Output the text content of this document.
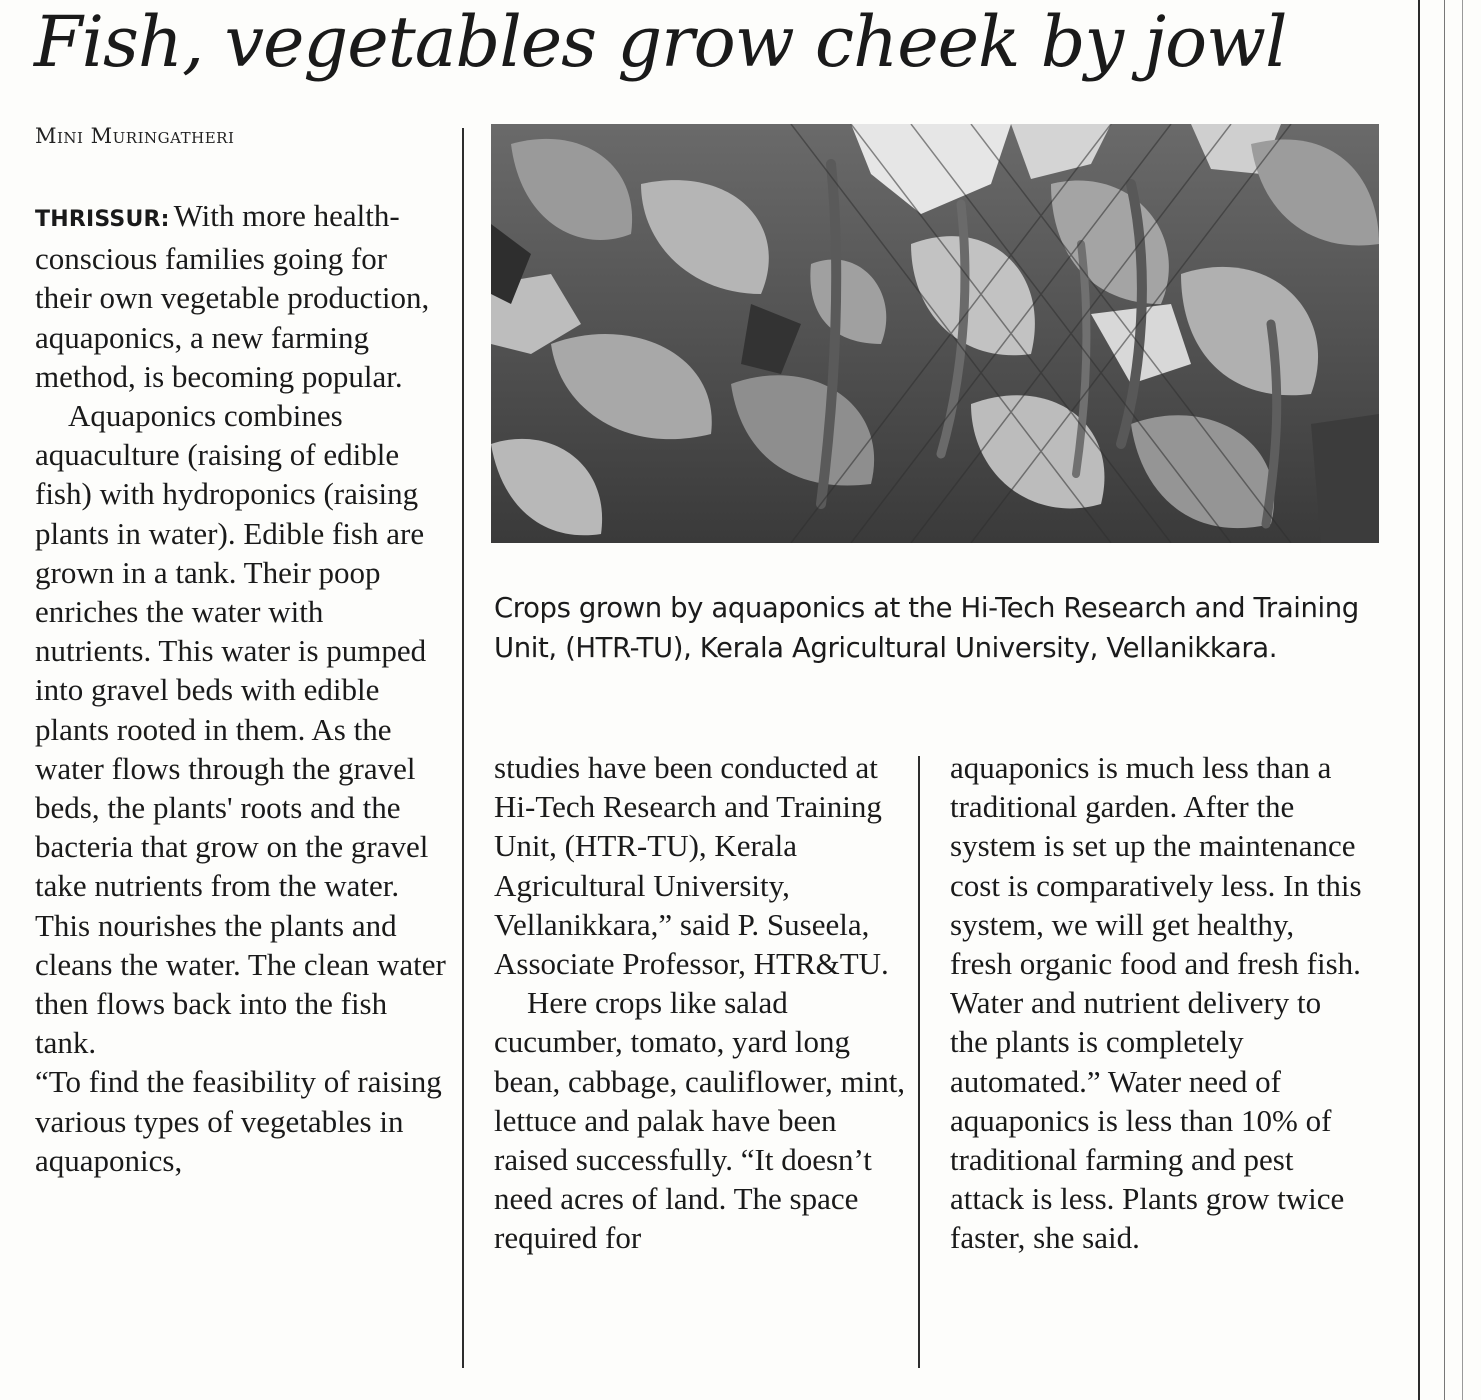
Fish, vegetables grow cheek by jowl
Mini Muringatheri

THRISSUR: With more health-conscious families going for their own vegetable production, aquaponics, a new farming method, is becoming popular.

Aquaponics combines aquaculture (raising of edible fish) with hydroponics (raising plants in water). Edible fish are grown in a tank. Their poop enriches the water with nutrients. This water is pumped into gravel beds with edible plants rooted in them. As the water flows through the gravel beds, the plants' roots and the bacteria that grow on the gravel take nutrients from the water. This nourishes the plants and cleans the water. The clean water then flows back into the fish tank.

“To find the feasibility of raising various types of vegetables in aquaponics,

Crops grown by aquaponics at the Hi-Tech Research and Training Unit, (HTR-TU), Kerala Agricultural University, Vellanikkara.

studies have been conducted at Hi-Tech Research and Training Unit, (HTR-TU), Kerala Agricultural University, Vellanikkara,” said P. Suseela, Associate Professor, HTR&TU.

Here crops like salad cucumber, tomato, yard long bean, cabbage, cauliflower, mint, lettuce and palak have been raised successfully. “It doesn’t need acres of land. The space required for

aquaponics is much less than a traditional garden. After the system is set up the maintenance cost is comparatively less. In this system, we will get healthy, fresh organic food and fresh fish. Water and nutrient delivery to the plants is completely automated.” Water need of aquaponics is less than 10% of traditional farming and pest attack is less. Plants grow twice faster, she said.
